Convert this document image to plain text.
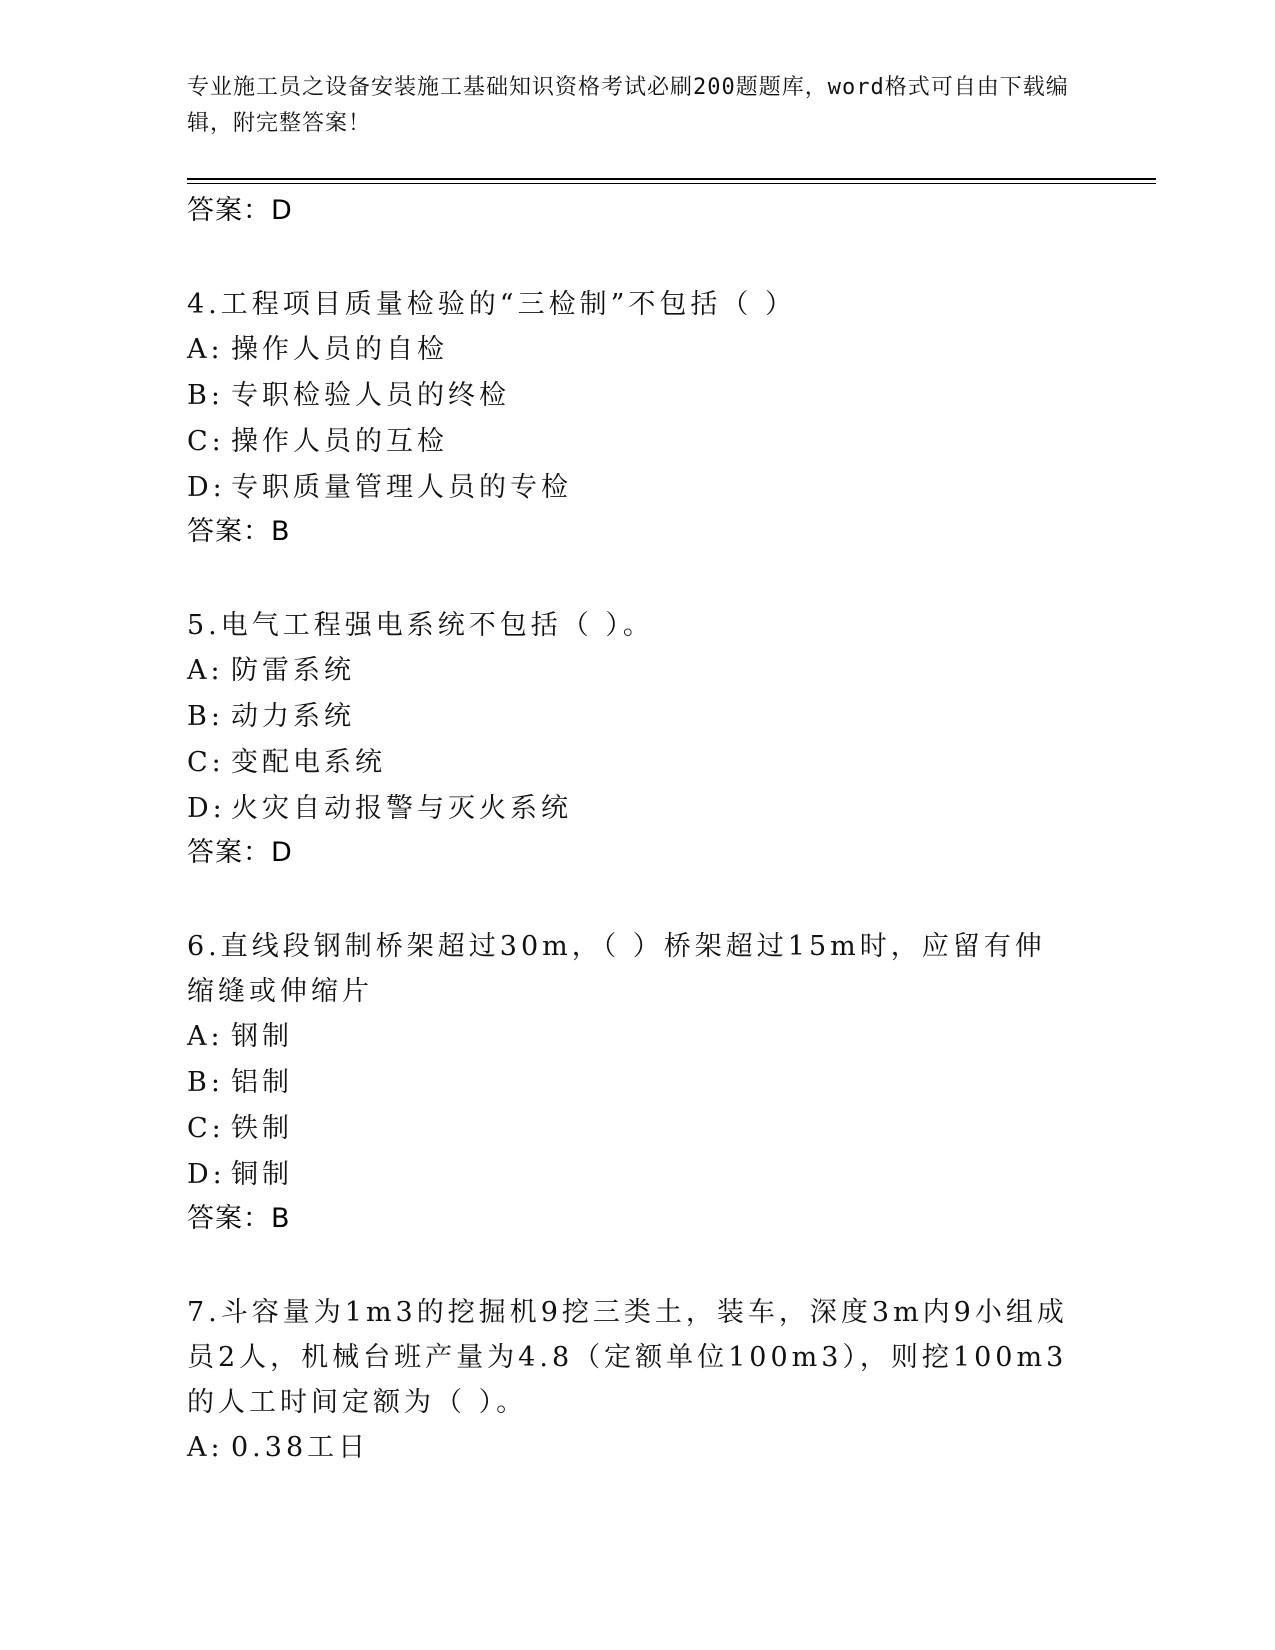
专业施工员之设备安装施工基础知识资格考试必刷200题题库，word格式可自由下载编辑，附完整答案！
答案：D
4.工程项目质量检验的“三检制”不包括（ ）
A: 操作人员的自检
B: 专职检验人员的终检
C: 操作人员的互检
D: 专职质量管理人员的专检
答案：B
5.电气工程强电系统不包括（ ）。
A: 防雷系统
B: 动力系统
C: 变配电系统
D: 火灾自动报警与灭火系统
答案：D
6.直线段钢制桥架超过30m，（ ）桥架超过15m时，应留有伸缩缝或伸缩片
A: 钢制
B: 铝制
C: 铁制
D: 铜制
答案：B
7.斗容量为1m3的挖掘机9挖三类土，装车，深度3m内9小组成员2人，机械台班产量为4.8（定额单位100m3），则挖100m3的人工时间定额为（ ）。
A: 0.38工日
